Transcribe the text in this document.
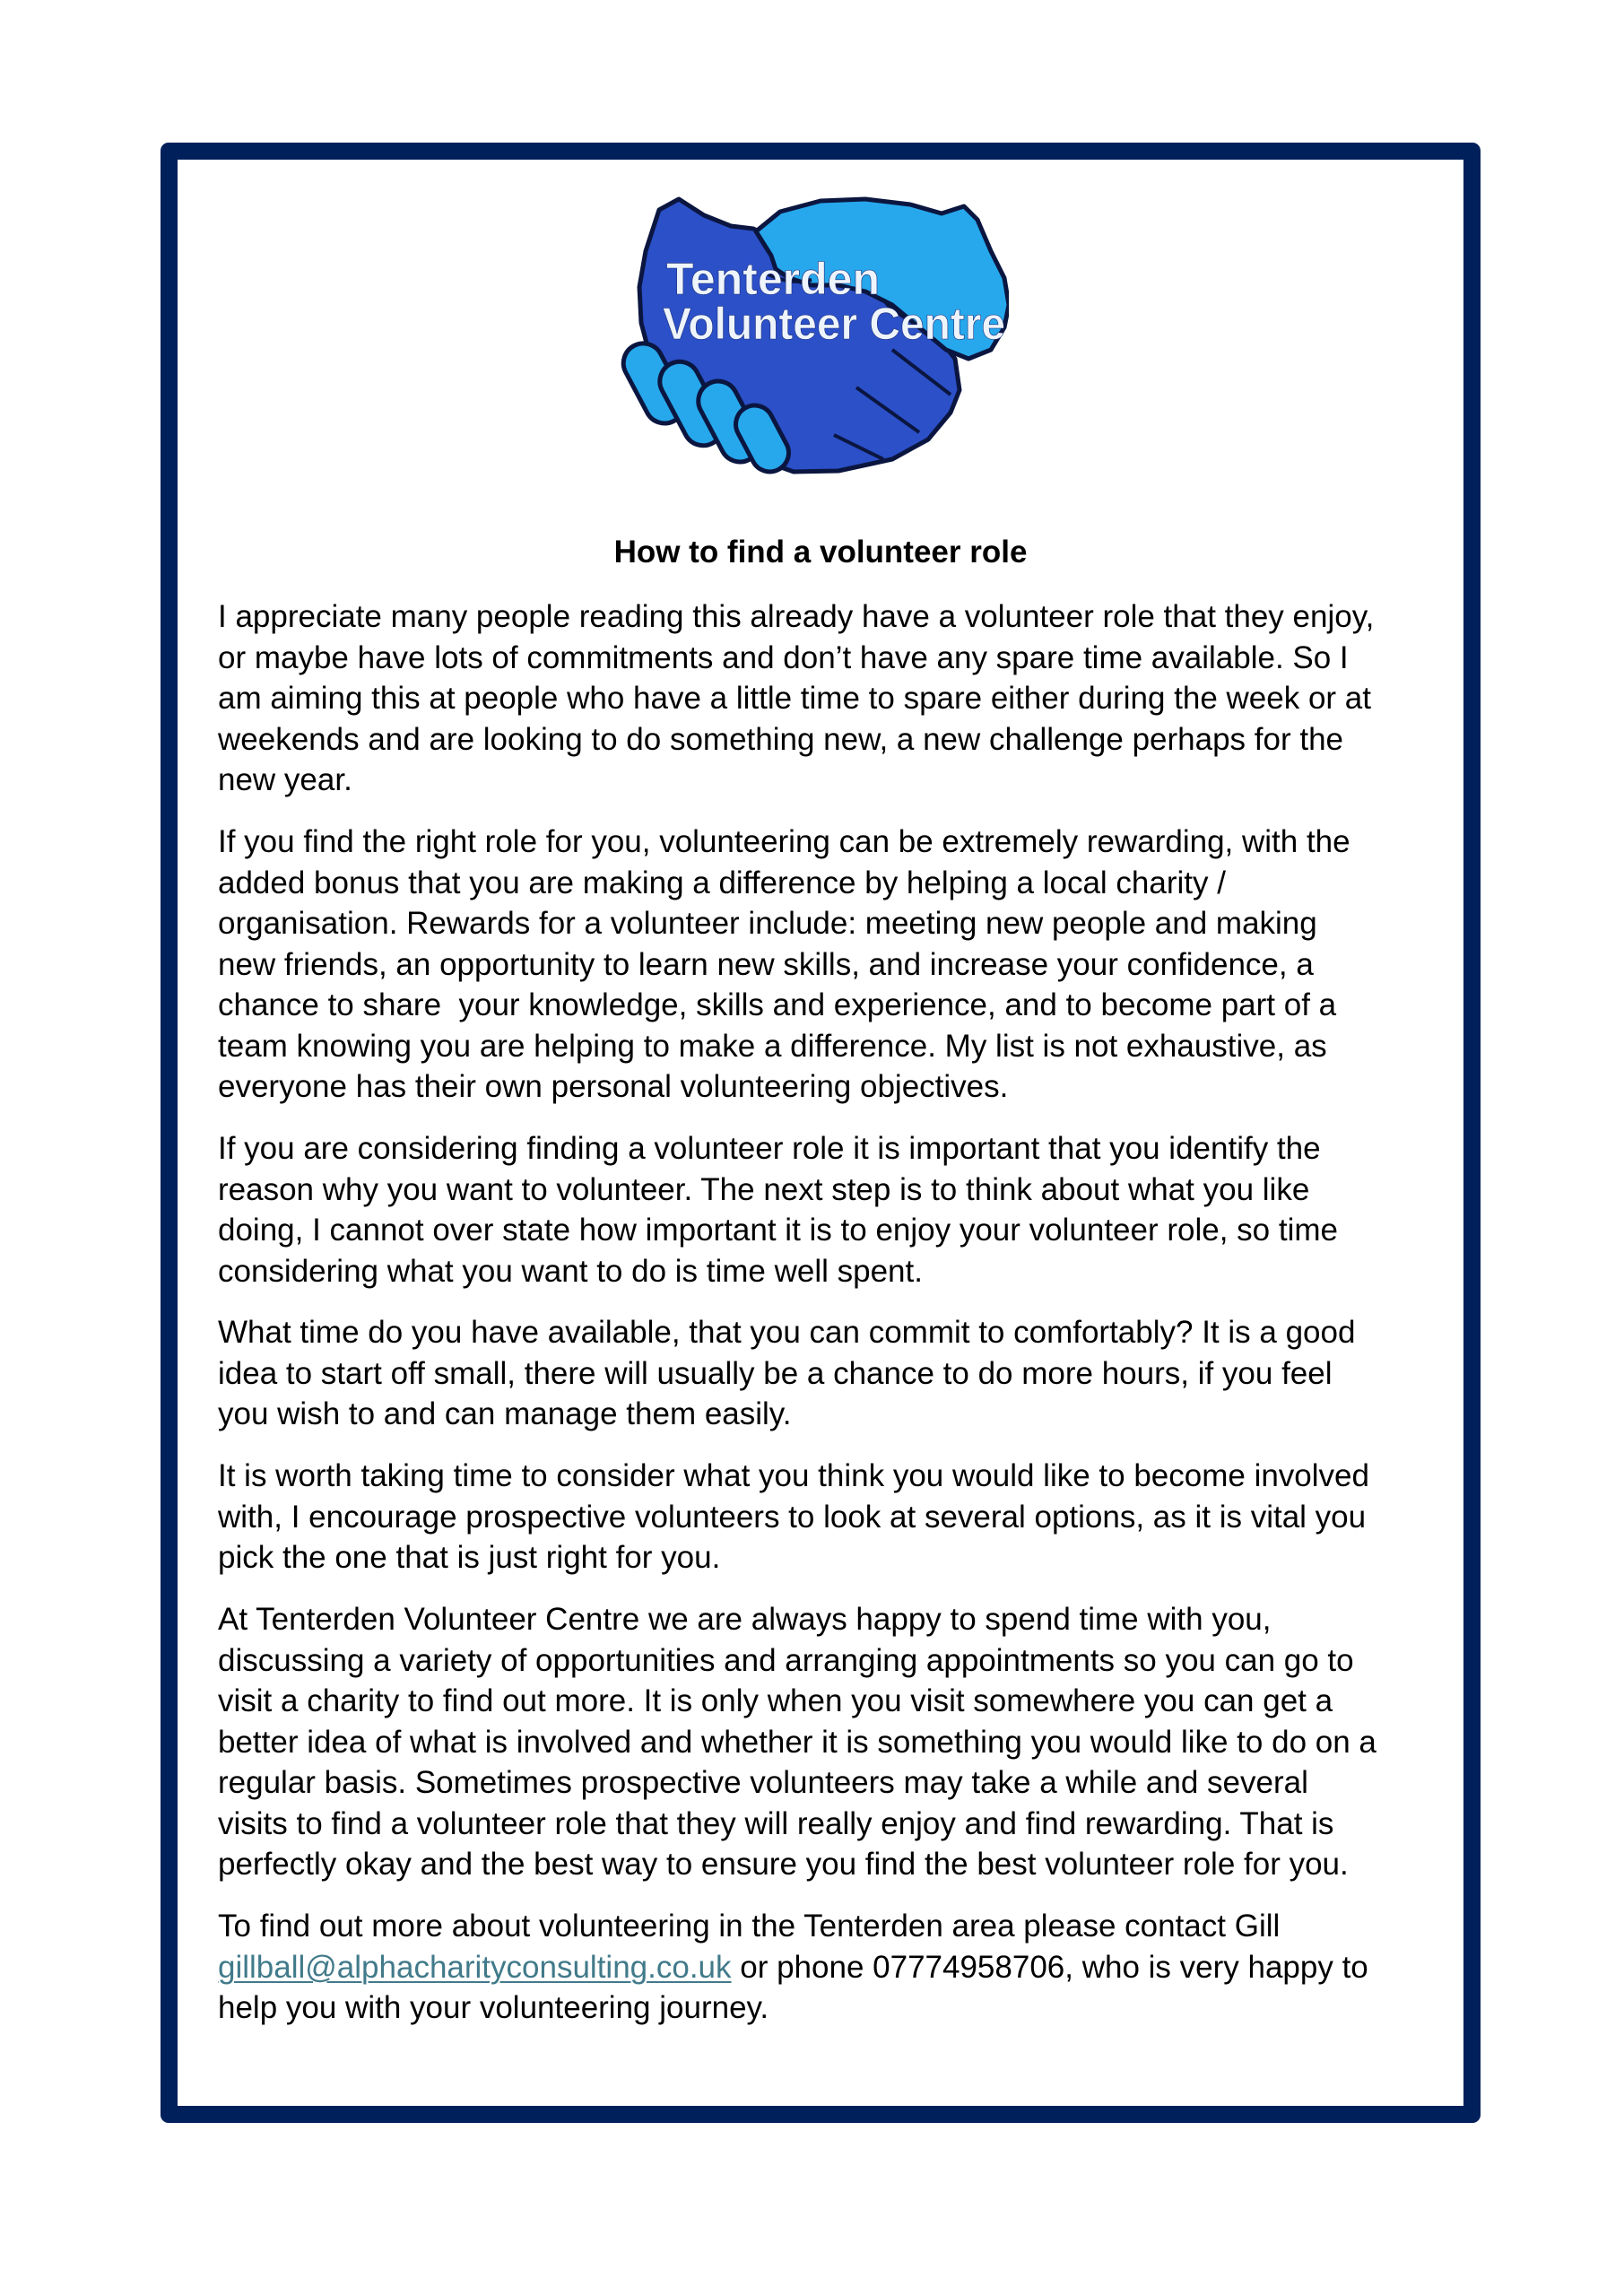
Tenterden
Volunteer Centre
How to find a volunteer role

I appreciate many people reading this already have a volunteer role that they enjoy,
or maybe have lots of commitments and don’t have any spare time available. So I
am aiming this at people who have a little time to spare either during the week or at
weekends and are looking to do something new, a new challenge perhaps for the
new year.

If you find the right role for you, volunteering can be extremely rewarding, with the
added bonus that you are making a difference by helping a local charity /
organisation. Rewards for a volunteer include: meeting new people and making
new friends, an opportunity to learn new skills, and increase your confidence, a
chance to share  your knowledge, skills and experience, and to become part of a
team knowing you are helping to make a difference. My list is not exhaustive, as
everyone has their own personal volunteering objectives.

If you are considering finding a volunteer role it is important that you identify the
reason why you want to volunteer. The next step is to think about what you like
doing, I cannot over state how important it is to enjoy your volunteer role, so time
considering what you want to do is time well spent.

What time do you have available, that you can commit to comfortably? It is a good
idea to start off small, there will usually be a chance to do more hours, if you feel
you wish to and can manage them easily.

It is worth taking time to consider what you think you would like to become involved
with, I encourage prospective volunteers to look at several options, as it is vital you
pick the one that is just right for you.

At Tenterden Volunteer Centre we are always happy to spend time with you,
discussing a variety of opportunities and arranging appointments so you can go to
visit a charity to find out more. It is only when you visit somewhere you can get a
better idea of what is involved and whether it is something you would like to do on a
regular basis. Sometimes prospective volunteers may take a while and several
visits to find a volunteer role that they will really enjoy and find rewarding. That is
perfectly okay and the best way to ensure you find the best volunteer role for you.

To find out more about volunteering in the Tenterden area please contact Gill
gillball@alphacharityconsulting.co.uk or phone 07774958706, who is very happy to
help you with your volunteering journey.
